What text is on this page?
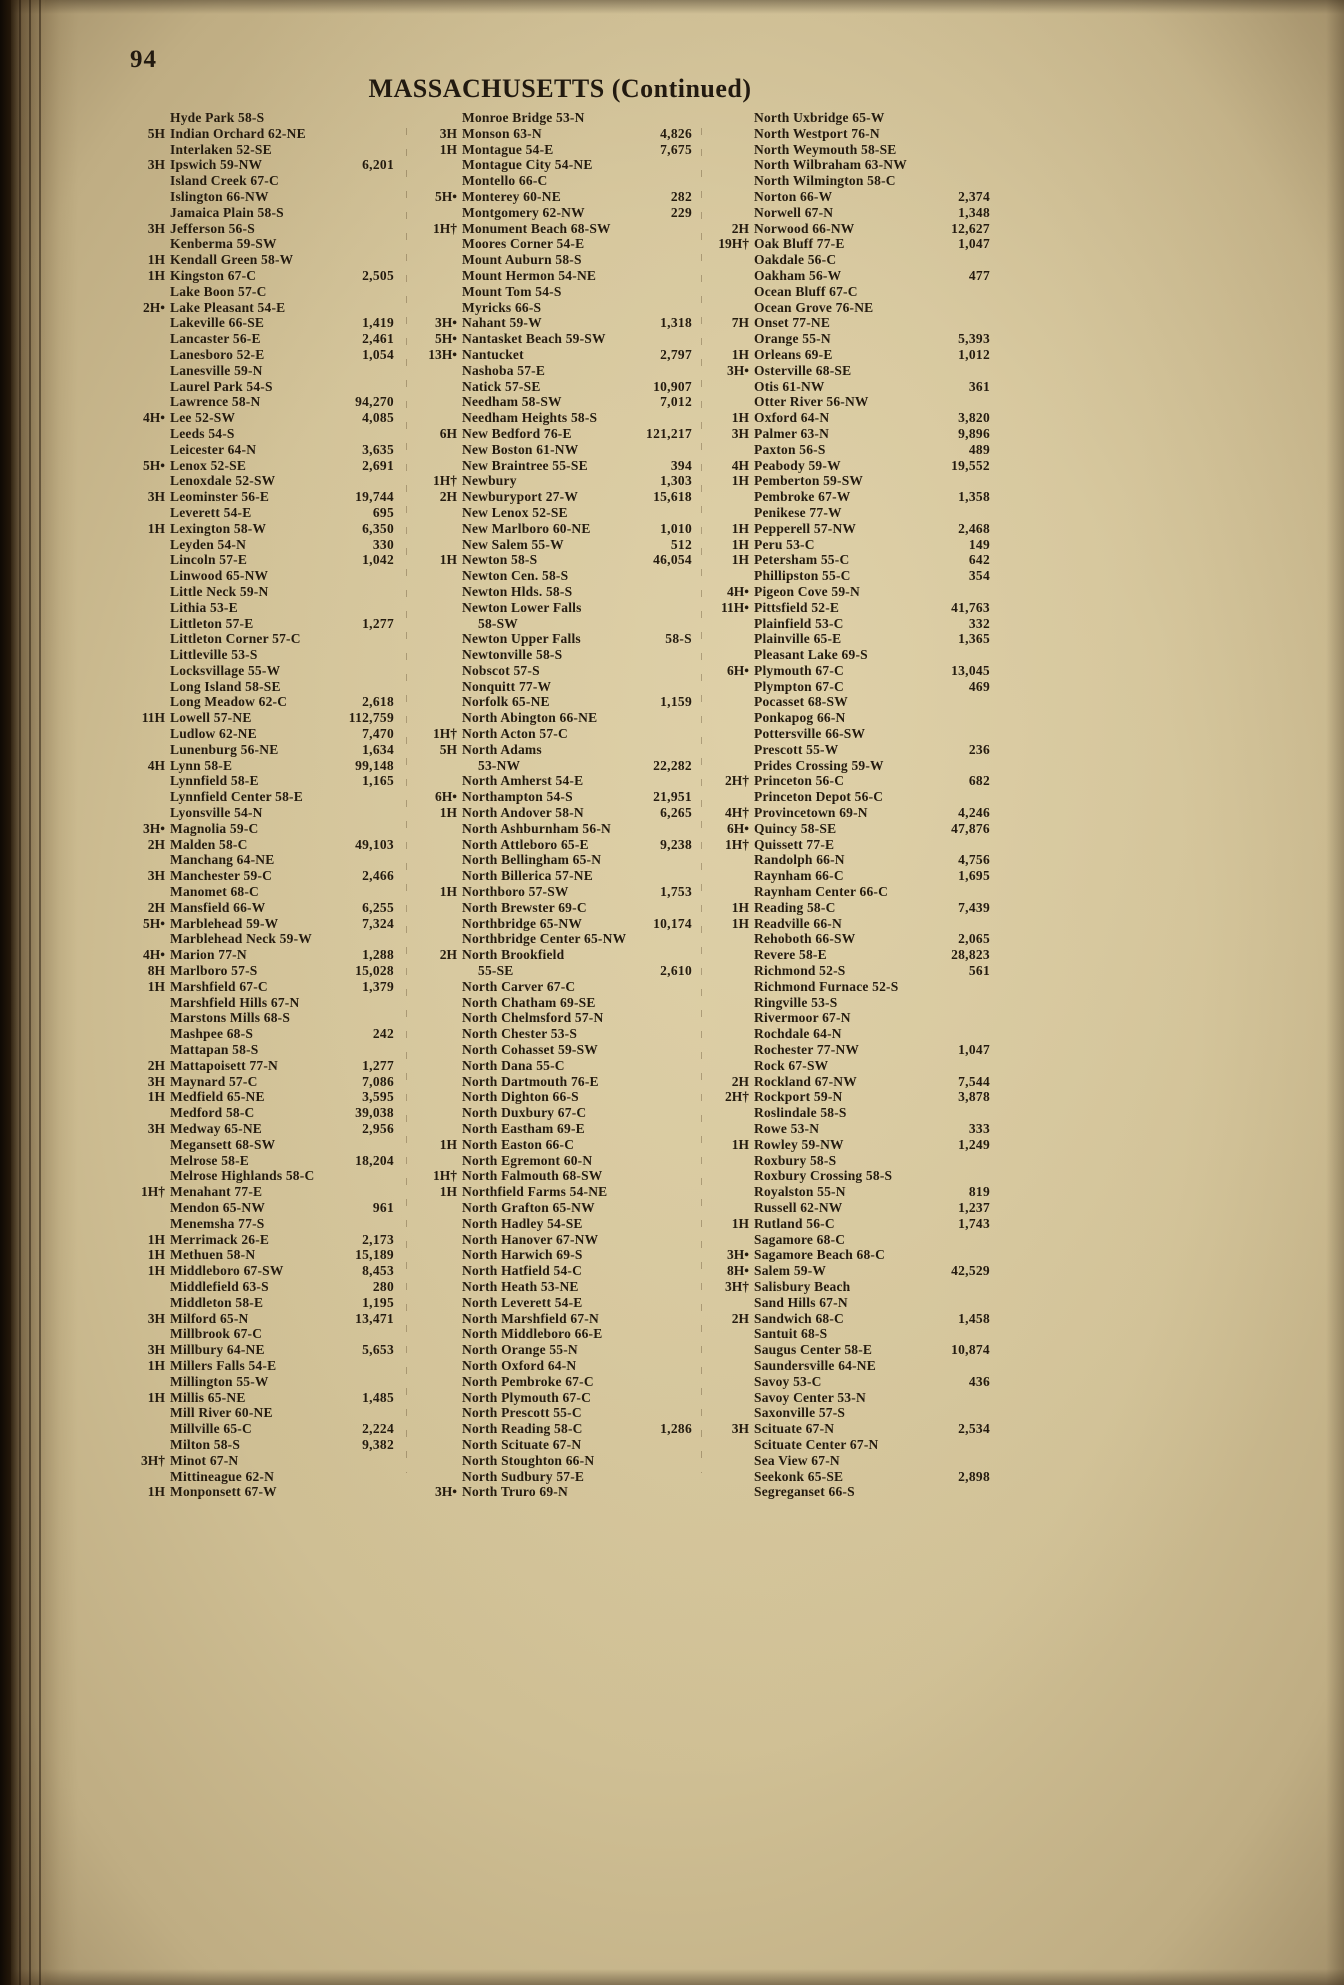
94
MASSACHUSETTS (Continued)
Hyde Park 58-S
5H Indian Orchard 62-NE
Interlaken 52-SE
3H Ipswich 59-NW	6,201
Island Creek 67-C
Islington 66-NW
Jamaica Plain 58-S
3H Jefferson 56-S
Kenberma 59-SW
1H Kendall Green 58-W
1H Kingston 67-C	2,505
Lake Boon 57-C
2H• Lake Pleasant 54-E
Lakeville 66-SE	1,419
Lancaster 56-E	2,461
Lanesboro 52-E	1,054
Lanesville 59-N
Laurel Park 54-S
Lawrence 58-N	94,270
4H• Lee 52-SW	4,085
Leeds 54-S
Leicester 64-N	3,635
5H• Lenox 52-SE	2,691
Lenoxdale 52-SW
3H Leominster 56-E	19,744
Leverett 54-E	695
1H Lexington 58-W	6,350
Leyden 54-N	330
Lincoln 57-E	1,042
Linwood 65-NW
Little Neck 59-N
Lithia 53-E
Littleton 57-E	1,277
Littleton Corner 57-C
Littleville 53-S
Locksvillage 55-W
Long Island 58-SE
Long Meadow 62-C	2,618
11H Lowell 57-NE	112,759
Ludlow 62-NE	7,470
Lunenburg 56-NE	1,634
4H Lynn 58-E	99,148
Lynnfield 58-E	1,165
Lynnfield Center 58-E
Lyonsville 54-N
3H• Magnolia 59-C
2H Malden 58-C	49,103
Manchang 64-NE
3H Manchester 59-C	2,466
Manomet 68-C
2H Mansfield 66-W	6,255
5H• Marblehead 59-W	7,324
Marblehead Neck 59-W
4H• Marion 77-N	1,288
8H Marlboro 57-S	15,028
1H Marshfield 67-C	1,379
Marshfield Hills 67-N
Marstons Mills 68-S
Mashpee 68-S	242
Mattapan 58-S
2H Mattapoisett 77-N	1,277
3H Maynard 57-C	7,086
1H Medfield 65-NE	3,595
Medford 58-C	39,038
3H Medway 65-NE	2,956
Megansett 68-SW
Melrose 58-E	18,204
Melrose Highlands 58-C
1H† Menahant 77-E
Mendon 65-NW	961
Menemsha 77-S
1H Merrimack 26-E	2,173
1H Methuen 58-N	15,189
1H Middleboro 67-SW	8,453
Middlefield 63-S	280
Middleton 58-E	1,195
3H Milford 65-N	13,471
Millbrook 67-C
3H Millbury 64-NE	5,653
1H Millers Falls 54-E
Millington 55-W
1H Millis 65-NE	1,485
Mill River 60-NE
Millville 65-C	2,224
Milton 58-S	9,382
3H† Minot 67-N
Mittineague 62-N
1H Monponsett 67-W
Monroe Bridge 53-N
3H Monson 63-N	4,826
1H Montague 54-E	7,675
Montague City 54-NE
Montello 66-C
5H• Monterey 60-NE	282
Montgomery 62-NW	229
1H† Monument Beach 68-SW
Moores Corner 54-E
Mount Auburn 58-S
Mount Hermon 54-NE
Mount Tom 54-S
Myricks 66-S
3H• Nahant 59-W	1,318
5H• Nantasket Beach 59-SW
13H• Nantucket	2,797
Nashoba 57-E
Natick 57-SE	10,907
Needham 58-SW	7,012
Needham Heights 58-S
6H New Bedford 76-E	121,217
New Boston 61-NW
New Braintree 55-SE	394
1H† Newbury	1,303
2H Newburyport 27-W	15,618
New Lenox 52-SE
New Marlboro 60-NE	1,010
New Salem 55-W	512
1H Newton 58-S	46,054
Newton Cen. 58-S
Newton Hlds. 58-S
Newton Lower Falls
58-SW
Newton Upper Falls	58-S
Newtonville 58-S
Nobscot 57-S
Nonquitt 77-W
Norfolk 65-NE	1,159
North Abington 66-NE
1H† North Acton 57-C
5H North Adams
53-NW	22,282
North Amherst 54-E
6H• Northampton 54-S	21,951
1H North Andover 58-N	6,265
North Ashburnham 56-N
North Attleboro 65-E	9,238
North Bellingham 65-N
North Billerica 57-NE
1H Northboro 57-SW	1,753
North Brewster 69-C
Northbridge 65-NW	10,174
Northbridge Center 65-NW
2H North Brookfield
55-SE	2,610
North Carver 67-C
North Chatham 69-SE
North Chelmsford 57-N
North Chester 53-S
North Cohasset 59-SW
North Dana 55-C
North Dartmouth 76-E
North Dighton 66-S
North Duxbury 67-C
North Eastham 69-E
1H North Easton 66-C
North Egremont 60-N
1H† North Falmouth 68-SW
1H Northfield Farms 54-NE
North Grafton 65-NW
North Hadley 54-SE
North Hanover 67-NW
North Harwich 69-S
North Hatfield 54-C
North Heath 53-NE
North Leverett 54-E
North Marshfield 67-N
North Middleboro 66-E
North Orange 55-N
North Oxford 64-N
North Pembroke 67-C
North Plymouth 67-C
North Prescott 55-C
North Reading 58-C	1,286
North Scituate 67-N
North Stoughton 66-N
North Sudbury 57-E
3H• North Truro 69-N
North Uxbridge 65-W
North Westport 76-N
North Weymouth 58-SE
North Wilbraham 63-NW
North Wilmington 58-C
Norton 66-W	2,374
Norwell 67-N	1,348
2H Norwood 66-NW	12,627
19H† Oak Bluff 77-E	1,047
Oakdale 56-C
Oakham 56-W	477
Ocean Bluff 67-C
Ocean Grove 76-NE
7H Onset 77-NE
Orange 55-N	5,393
1H Orleans 69-E	1,012
3H• Osterville 68-SE
Otis 61-NW	361
Otter River 56-NW
1H Oxford 64-N	3,820
3H Palmer 63-N	9,896
Paxton 56-S	489
4H Peabody 59-W	19,552
1H Pemberton 59-SW
Pembroke 67-W	1,358
Penikese 77-W
1H Pepperell 57-NW	2,468
1H Peru 53-C	149
1H Petersham 55-C	642
Phillipston 55-C	354
4H• Pigeon Cove 59-N
11H• Pittsfield 52-E	41,763
Plainfield 53-C	332
Plainville 65-E	1,365
Pleasant Lake 69-S
6H• Plymouth 67-C	13,045
Plympton 67-C	469
Pocasset 68-SW
Ponkapog 66-N
Pottersville 66-SW
Prescott 55-W	236
Prides Crossing 59-W
2H† Princeton 56-C	682
Princeton Depot 56-C
4H† Provincetown 69-N	4,246
6H• Quincy 58-SE	47,876
1H† Quissett 77-E
Randolph 66-N	4,756
Raynham 66-C	1,695
Raynham Center 66-C
1H Reading 58-C	7,439
1H Readville 66-N
Rehoboth 66-SW	2,065
Revere 58-E	28,823
Richmond 52-S	561
Richmond Furnace 52-S
Ringville 53-S
Rivermoor 67-N
Rochdale 64-N
Rochester 77-NW	1,047
Rock 67-SW
2H Rockland 67-NW	7,544
2H† Rockport 59-N	3,878
Roslindale 58-S
Rowe 53-N	333
1H Rowley 59-NW	1,249
Roxbury 58-S
Roxbury Crossing 58-S
Royalston 55-N	819
Russell 62-NW	1,237
1H Rutland 56-C	1,743
Sagamore 68-C
3H• Sagamore Beach 68-C
8H• Salem 59-W	42,529
3H† Salisbury Beach
Sand Hills 67-N
2H Sandwich 68-C	1,458
Santuit 68-S
Saugus Center 58-E	10,874
Saundersville 64-NE
Savoy 53-C	436
Savoy Center 53-N
Saxonville 57-S
3H Scituate 67-N	2,534
Scituate Center 67-N
Sea View 67-N
Seekonk 65-SE	2,898
Segreganset 66-S
